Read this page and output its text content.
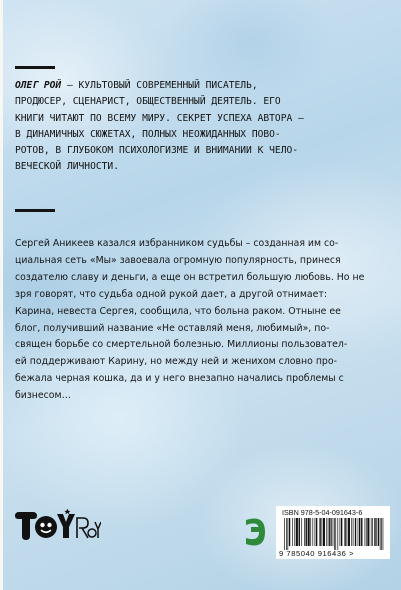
ОЛЕГ РОЙ — КУЛЬТОВЫЙ СОВРЕМЕННЫЙ ПИСАТЕЛЬ,
ПРОДЮСЕР, СЦЕНАРИСТ, ОБЩЕСТВЕННЫЙ ДЕЯТЕЛЬ. ЕГО
КНИГИ ЧИТАЮТ ПО ВСЕМУ МИРУ. СЕКРЕТ УСПЕХА АВТОРА —
В ДИНАМИЧНЫХ СЮЖЕТАХ, ПОЛНЫХ НЕОЖИДАННЫХ ПОВО-
РОТОВ, В ГЛУБОКОМ ПСИХОЛОГИЗМЕ И ВНИМАНИИ К ЧЕЛО-
ВЕЧЕСКОЙ ЛИЧНОСТИ.
Сергей Аникеев казался избранником судьбы – созданная им со-
циальная сеть «Мы» завоевала огромную популярность, принеся
создателю славу и деньги, а еще он встретил большую любовь. Но не
зря говорят, что судьба одной рукой дает, а другой отнимает:
Карина, невеста Сергея, сообщила, что больна раком. Отныне ее
блог, получивший название «Не оставляй меня, любимый», по-
священ борьбе со смертельной болезнью. Миллионы пользовател-
ей поддерживают Карину, но между ней и женихом словно про-
бежала черная кошка, да и у него внезапно начались проблемы с
бизнесом…
ISBN 978-5-04-091643-6
9 785040 916436 >
